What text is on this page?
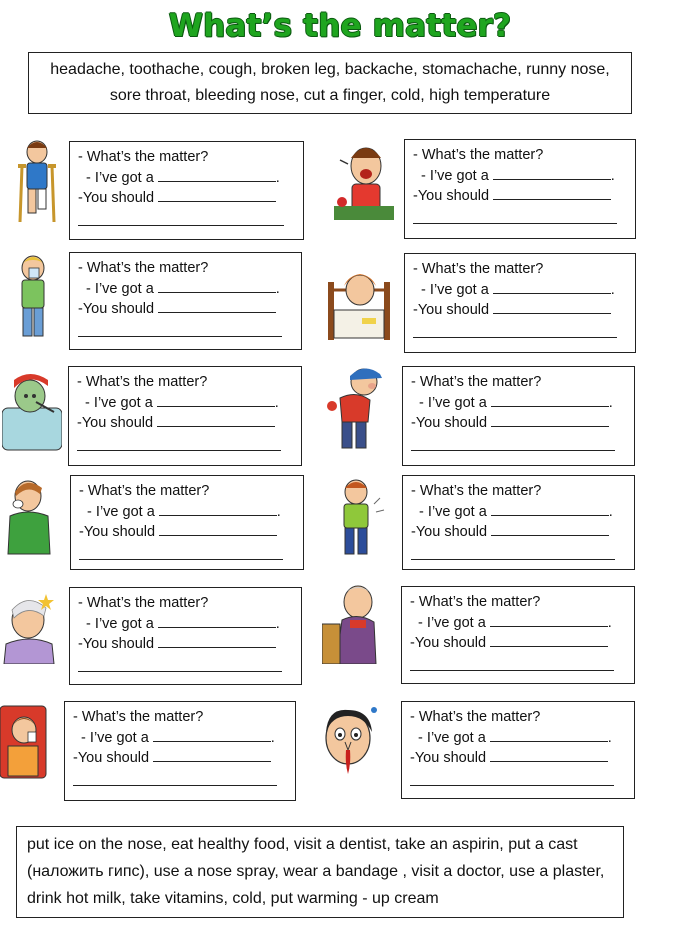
What’s the matter?
headache, toothache, cough, broken leg, backache, stomachache, runny nose, sore throat, bleeding nose, cut a finger, cold, high temperature
- What’s the matter?
- I’ve got a	.
-You should
- What’s the matter?
- I’ve got a	.
-You should
- What’s the matter?
- I’ve got a	.
-You should
- What’s the matter?
- I’ve got a	.
-You should
- What’s the matter?
- I’ve got a	.
-You should
- What’s the matter?
- I’ve got a	.
-You should
- What’s the matter?
- I’ve got a	.
-You should
- What’s the matter?
- I’ve got a	.
-You should
- What’s the matter?
- I’ve got a	.
-You should
- What’s the matter?
- I’ve got a	.
-You should
- What’s the matter?
- I’ve got a	.
-You should
- What’s the matter?
- I’ve got a	.
-You should
put ice on the nose, eat healthy food, visit a dentist, take an aspirin, put a cast (наложить гипс), use a nose spray, wear a bandage , visit a doctor, use a plaster, drink hot milk, take vitamins, cold, put warming - up cream
